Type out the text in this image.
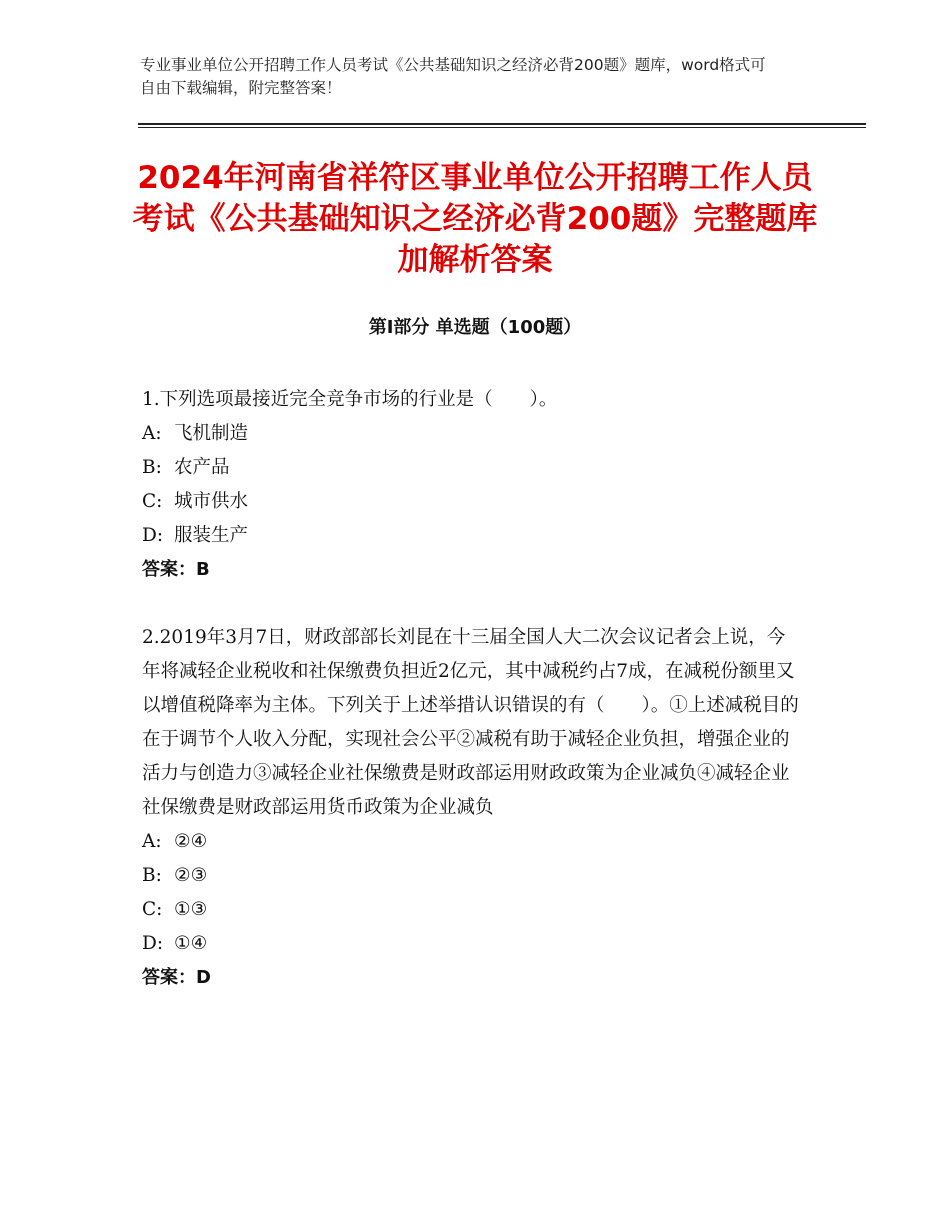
专业事业单位公开招聘工作人员考试《公共基础知识之经济必背200题》题库，word格式可自由下载编辑，附完整答案！
2024年河南省祥符区事业单位公开招聘工作人员考试《公共基础知识之经济必背200题》完整题库加解析答案
第Ⅰ部分 单选题（100题）

1.下列选项最接近完全竞争市场的行业是（　　）。

A: 飞机制造
B: 农产品
C: 城市供水
D: 服装生产

答案：B

2.2019年3月7日，财政部部长刘昆在十三届全国人大二次会议记者会上说，今年将减轻企业税收和社保缴费负担近2亿元，其中减税约占7成，在减税份额里又以增值税降率为主体。下列关于上述举措认识错误的有（　　）。①上述减税目的在于调节个人收入分配，实现社会公平②减税有助于减轻企业负担，增强企业的活力与创造力③减轻企业社保缴费是财政部运用财政政策为企业减负④减轻企业社保缴费是财政部运用货币政策为企业减负

A: ②④
B: ②③
C: ①③
D: ①④

答案：D
